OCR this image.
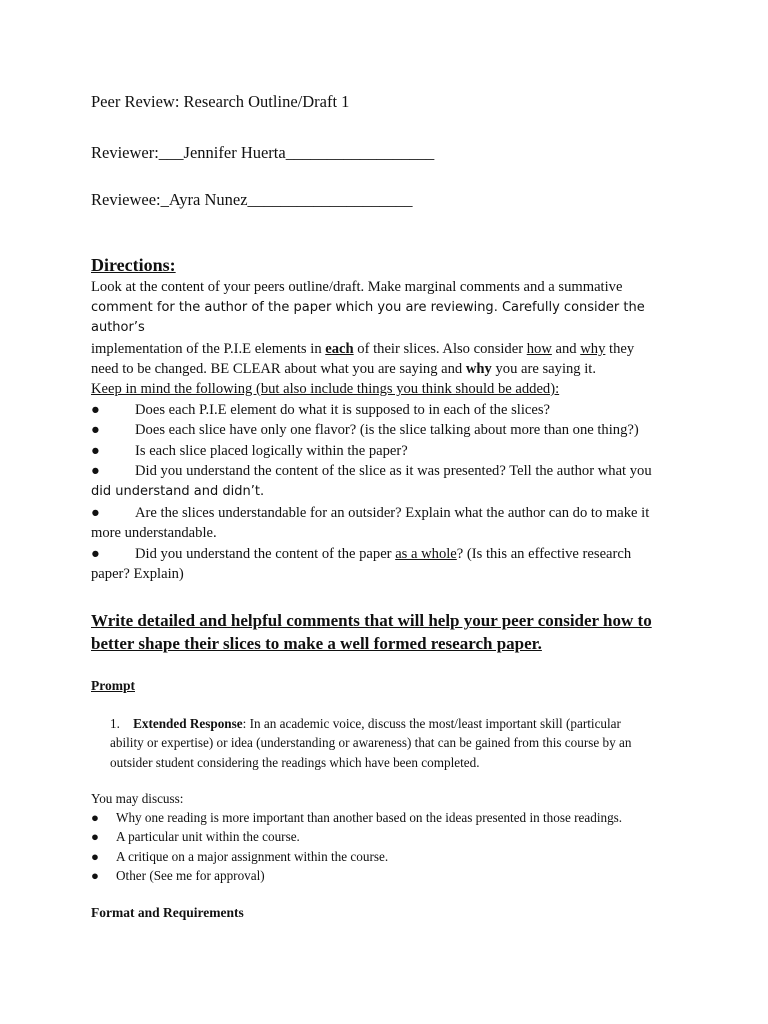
Peer Review: Research Outline/Draft 1
Reviewer:___Jennifer Huerta__________________
Reviewee:_Ayra Nunez____________________
Directions:
Look at the content of your peers outline/draft. Make marginal comments and a summative
comment for the author of the paper which you are reviewing. Carefully consider the author’s
implementation of the P.I.E elements in each of their slices. Also consider how and why they
need to be changed. BE CLEAR about what you are saying and why you are saying it.
Keep in mind the following (but also include things you think should be added):
● Does each P.I.E element do what it is supposed to in each of the slices?
● Does each slice have only one flavor? (is the slice talking about more than one thing?)
● Is each slice placed logically within the paper?
● Did you understand the content of the slice as it was presented? Tell the author what you
did understand and didn’t.
● Are the slices understandable for an outsider? Explain what the author can do to make it
more understandable.
● Did you understand the content of the paper as a whole? (Is this an effective research
paper? Explain)
Write detailed and helpful comments that will help your peer consider how to
better shape their slices to make a well formed research paper.
Prompt
1. Extended Response: In an academic voice, discuss the most/least important skill (particular
ability or expertise) or idea (understanding or awareness) that can be gained from this course by an
outsider student considering the readings which have been completed.
You may discuss:
● Why one reading is more important than another based on the ideas presented in those readings.
● A particular unit within the course.
● A critique on a major assignment within the course.
● Other (See me for approval)
Format and Requirements
